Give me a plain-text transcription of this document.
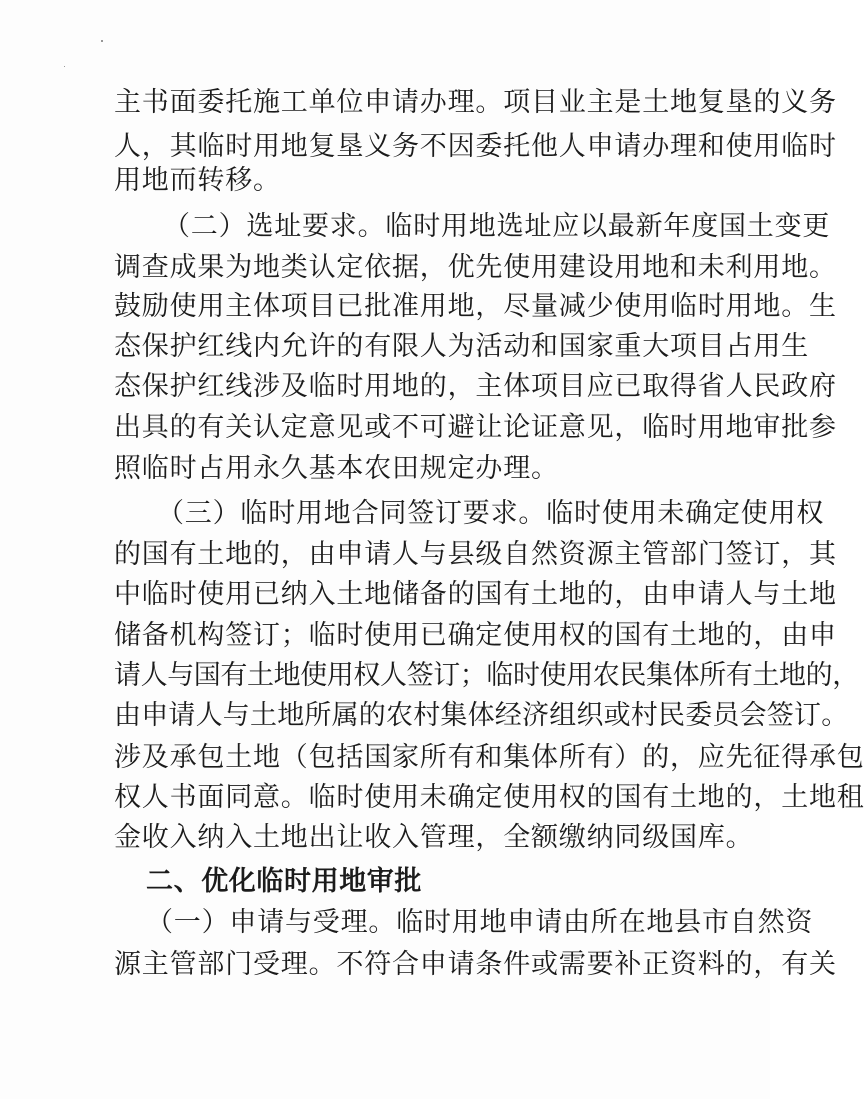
主书面委托施工单位申请办理。项目业主是土地复垦的义务
人，其临时用地复垦义务不因委托他人申请办理和使用临时
用地而转移。
（二）选址要求。临时用地选址应以最新年度国土变更
调查成果为地类认定依据，优先使用建设用地和未利用地。
鼓励使用主体项目已批准用地，尽量减少使用临时用地。生
态保护红线内允许的有限人为活动和国家重大项目占用生
态保护红线涉及临时用地的，主体项目应已取得省人民政府
出具的有关认定意见或不可避让论证意见，临时用地审批参
照临时占用永久基本农田规定办理。
（三）临时用地合同签订要求。临时使用未确定使用权
的国有土地的，由申请人与县级自然资源主管部门签订，其
中临时使用已纳入土地储备的国有土地的，由申请人与土地
储备机构签订；临时使用已确定使用权的国有土地的，由申
请人与国有土地使用权人签订；临时使用农民集体所有土地的，
由申请人与土地所属的农村集体经济组织或村民委员会签订。
涉及承包土地（包括国家所有和集体所有）的，应先征得承包
权人书面同意。临时使用未确定使用权的国有土地的，土地租
金收入纳入土地出让收入管理，全额缴纳同级国库。
二、优化临时用地审批
（一）申请与受理。临时用地申请由所在地县市自然资
源主管部门受理。不符合申请条件或需要补正资料的，有关
